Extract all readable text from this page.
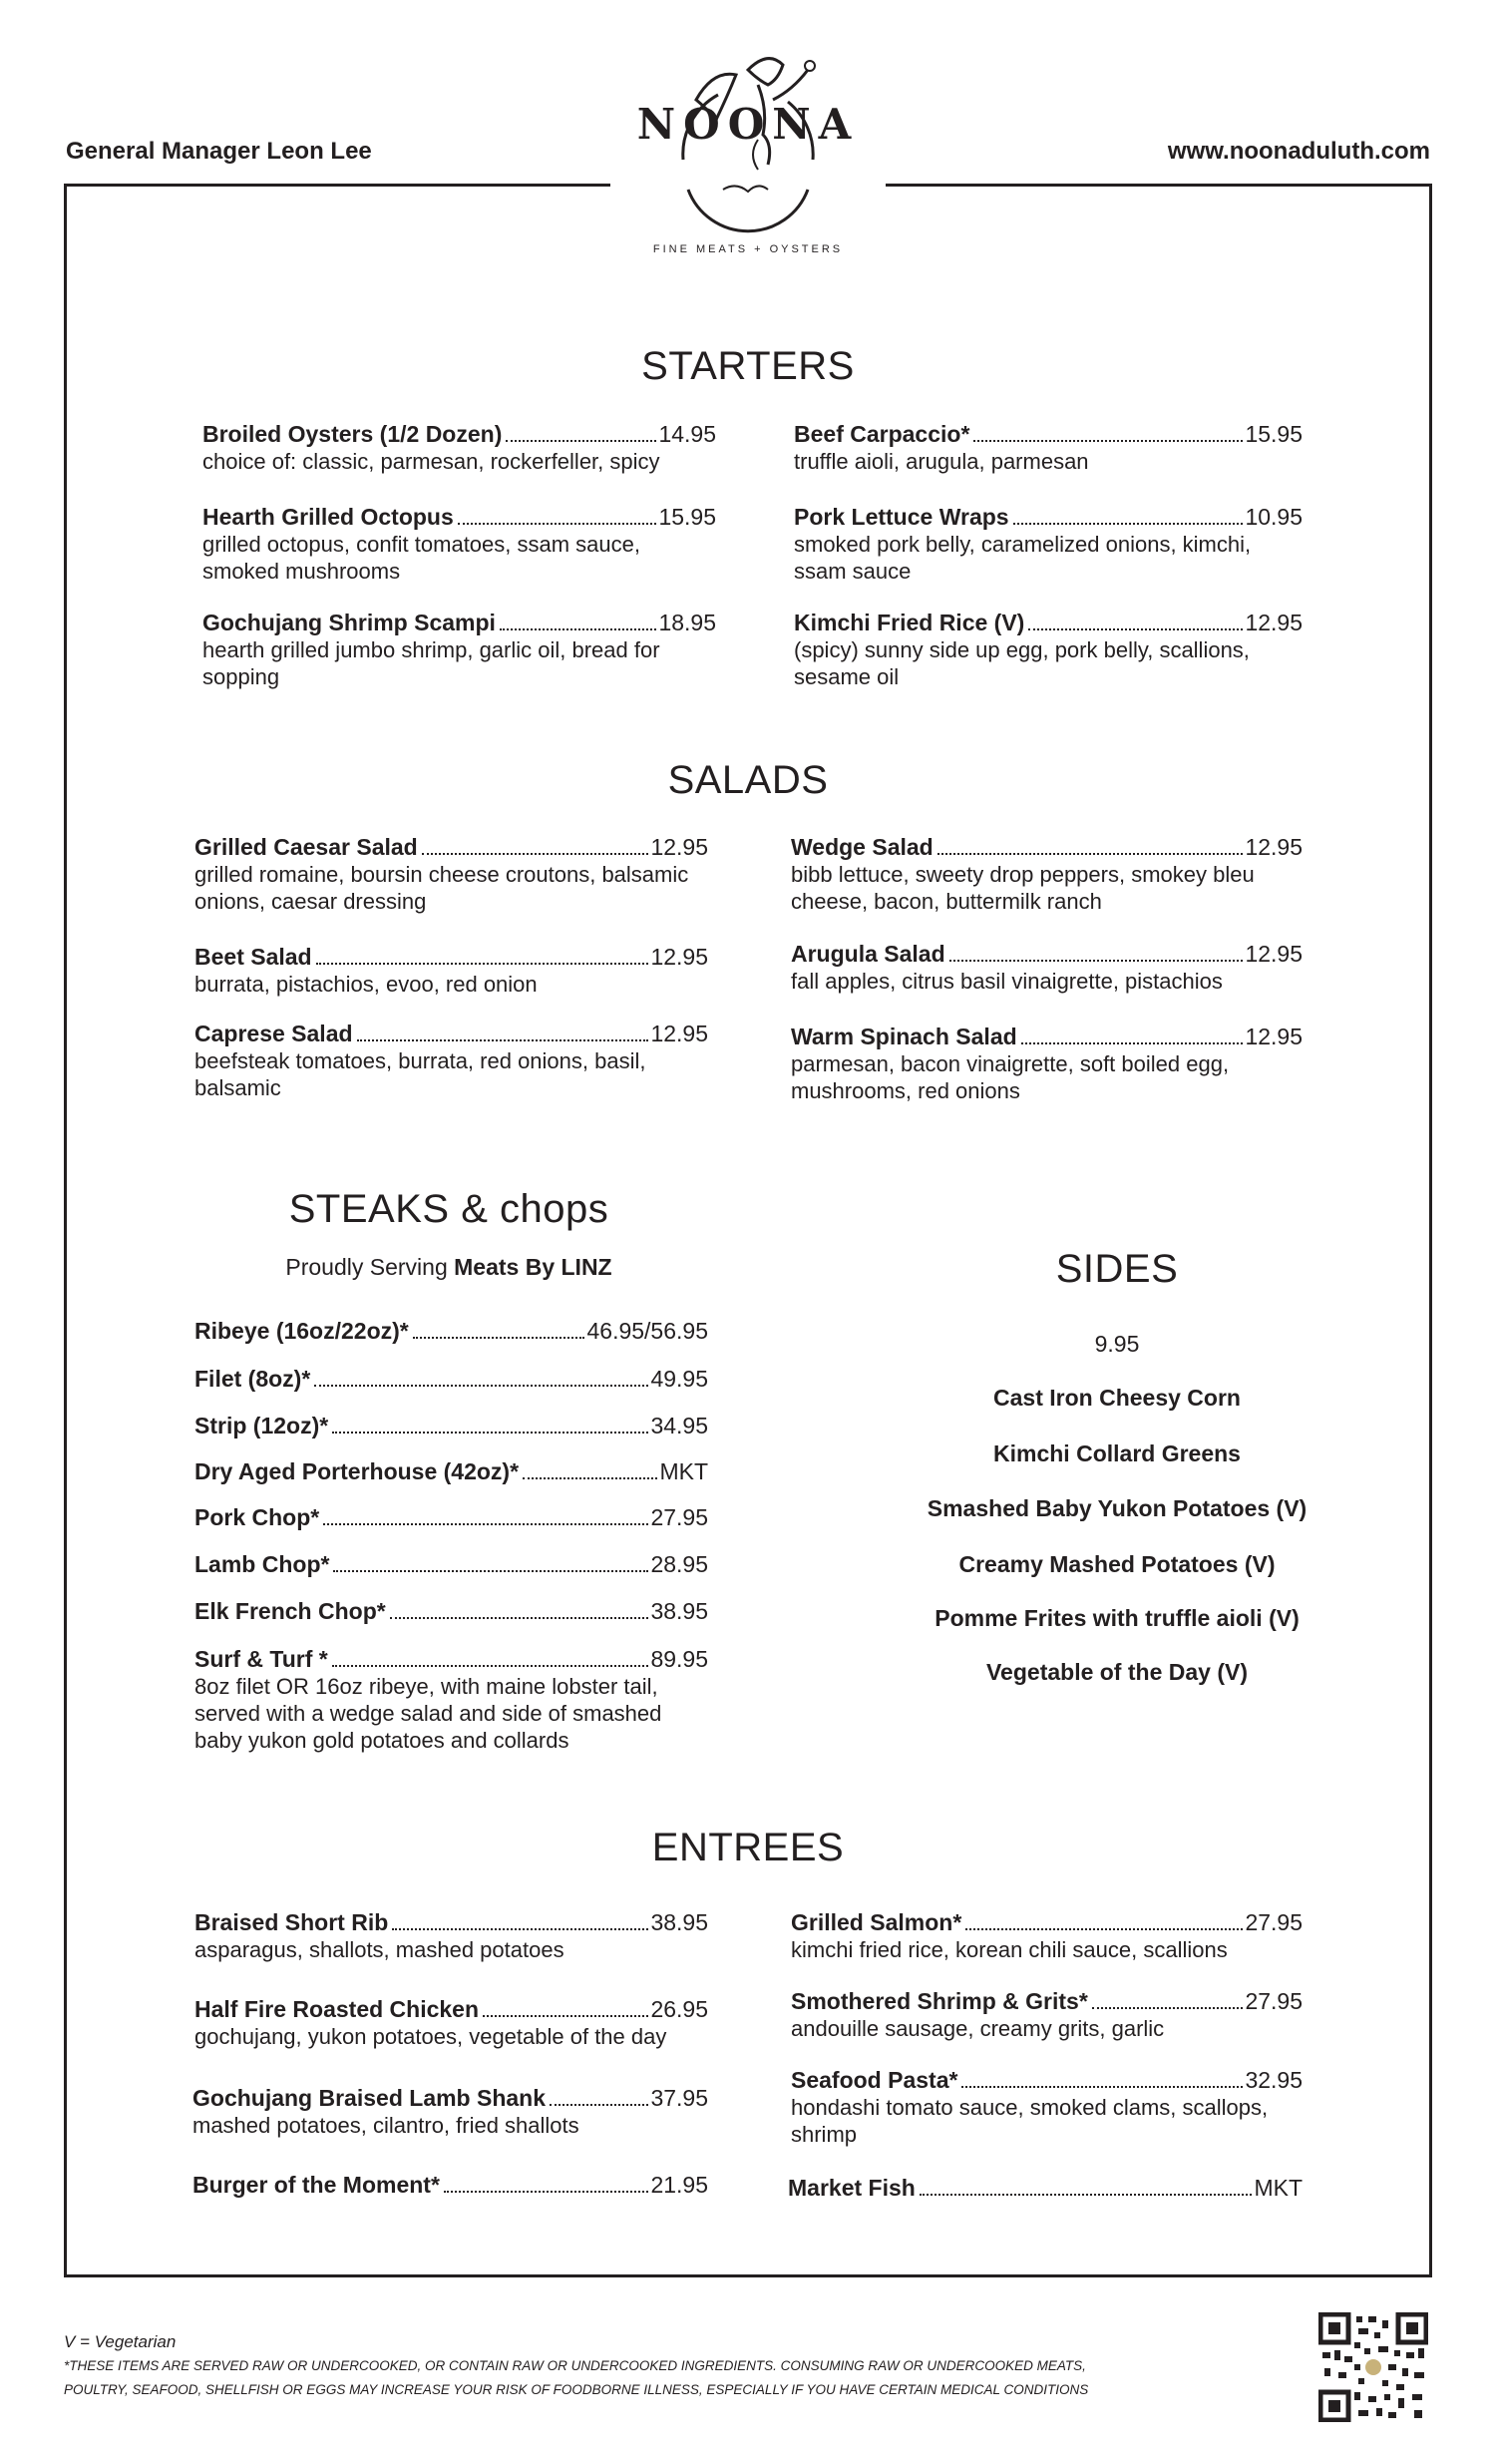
General Manager Leon Lee	www.noonaduluth.com
NOONA
FINE MEATS + OYSTERS
STARTERS
Broiled Oysters (1/2 Dozen)	14.95
choice of: classic, parmesan, rockerfeller, spicy
Hearth Grilled Octopus	15.95
grilled octopus, confit tomatoes, ssam sauce, smoked mushrooms
Gochujang Shrimp Scampi	18.95
hearth grilled jumbo shrimp, garlic oil, bread for sopping
Beef Carpaccio*	15.95
truffle aioli, arugula, parmesan
Pork Lettuce Wraps	10.95
smoked pork belly, caramelized onions, kimchi, ssam sauce
Kimchi Fried Rice (V)	12.95
(spicy) sunny side up egg, pork belly, scallions, sesame oil
SALADS
Grilled Caesar Salad	12.95
grilled romaine, boursin cheese croutons, balsamic onions, caesar dressing
Beet Salad	12.95
burrata, pistachios, evoo, red onion
Caprese Salad	12.95
beefsteak tomatoes, burrata, red onions, basil, balsamic
Wedge Salad	12.95
bibb lettuce, sweety drop peppers, smokey bleu cheese, bacon, buttermilk ranch
Arugula Salad	12.95
fall apples, citrus basil vinaigrette, pistachios
Warm Spinach Salad	12.95
parmesan, bacon vinaigrette, soft boiled egg, mushrooms, red onions
STEAKS & chops
Proudly Serving Meats By LINZ
Ribeye (16oz/22oz)*	46.95/56.95
Filet (8oz)*	49.95
Strip (12oz)*	34.95
Dry Aged Porterhouse (42oz)*	MKT
Pork Chop*	27.95
Lamb Chop*	28.95
Elk French Chop*	38.95
Surf & Turf *	89.95
8oz filet OR 16oz ribeye, with maine lobster tail, served with a wedge salad and side of smashed baby yukon gold potatoes and collards
SIDES
9.95
Cast Iron Cheesy Corn
Kimchi Collard Greens
Smashed Baby Yukon Potatoes (V)
Creamy Mashed Potatoes (V)
Pomme Frites with truffle aioli (V)
Vegetable of the Day (V)
ENTREES
Braised Short Rib	38.95
asparagus, shallots, mashed potatoes
Half Fire Roasted Chicken	26.95
gochujang, yukon potatoes, vegetable of the day
Gochujang Braised Lamb Shank	37.95
mashed potatoes, cilantro, fried shallots
Burger of the Moment*	21.95
Grilled Salmon*	27.95
kimchi fried rice, korean chili sauce, scallions
Smothered Shrimp & Grits*	27.95
andouille sausage, creamy grits, garlic
Seafood Pasta*	32.95
hondashi tomato sauce, smoked clams, scallops, shrimp
Market Fish	MKT
V = Vegetarian
*THESE ITEMS ARE SERVED RAW OR UNDERCOOKED, OR CONTAIN RAW OR UNDERCOOKED INGREDIENTS. CONSUMING RAW OR UNDERCOOKED MEATS,
POULTRY, SEAFOOD, SHELLFISH OR EGGS MAY INCREASE YOUR RISK OF FOODBORNE ILLNESS, ESPECIALLY IF YOU HAVE CERTAIN MEDICAL CONDITIONS
